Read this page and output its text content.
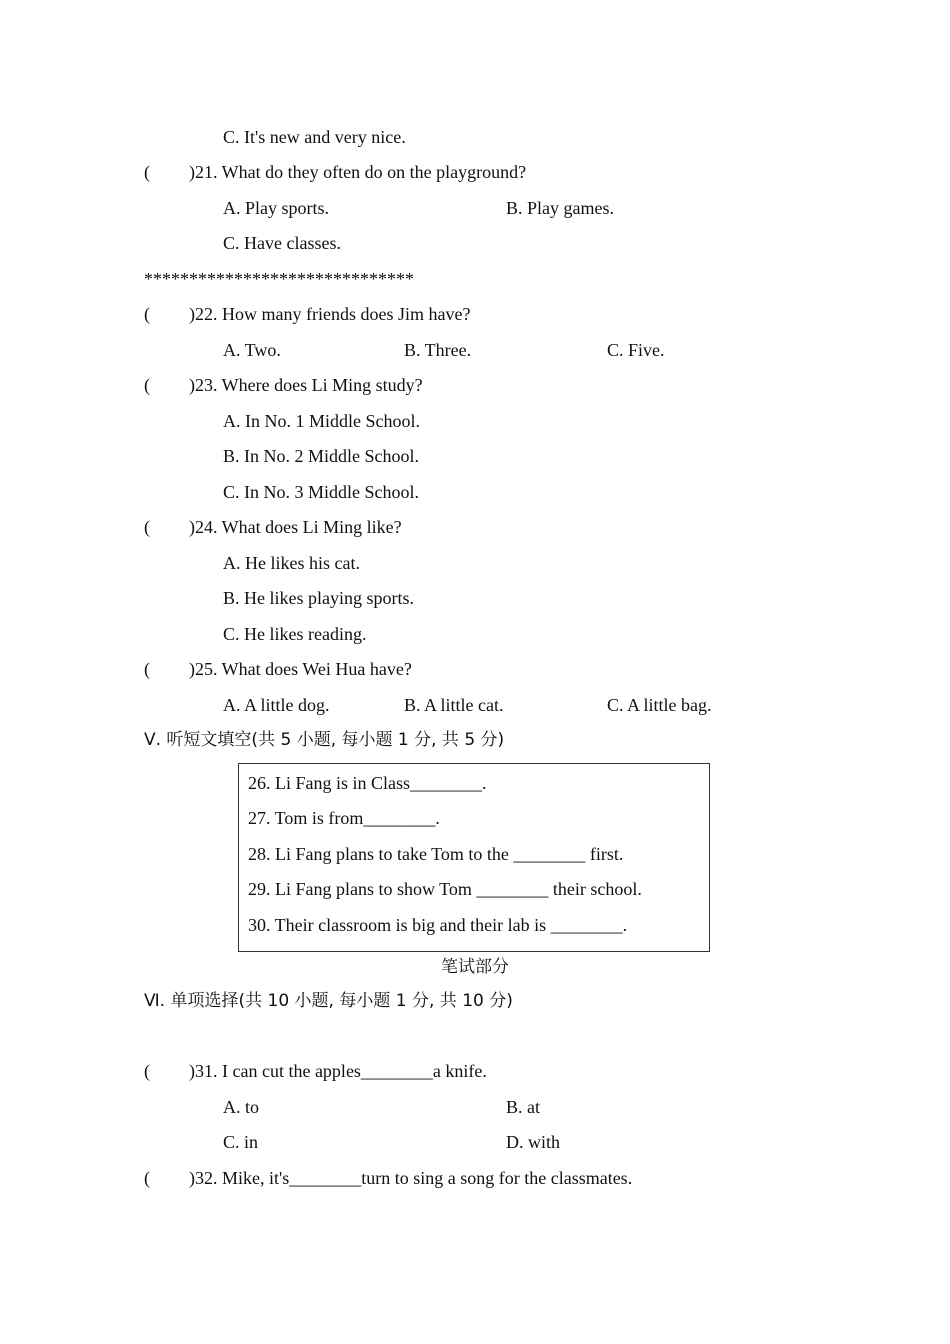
C. It's new and very nice.
( )21. What do they often do on the playground?
A. Play sports.	B. Play games.
C. Have classes.
******************************
( )22. How many friends does Jim have?
A. Two.	B. Three.	C. Five.
( )23. Where does Li Ming study?
A. In No. 1 Middle School.
B. In No. 2 Middle School.
C. In No. 3 Middle School.
( )24. What does Li Ming like?
A. He likes his cat.
B. He likes playing sports.
C. He likes reading.
( )25. What does Wei Hua have?
A. A little dog.	B. A little cat.	C. A little bag.
Ⅴ. 听短文填空(共 5 小题, 每小题 1 分, 共 5 分)
26. Li Fang is in Class________.
27. Tom is from________.
28. Li Fang plans to take Tom to the ________ first.
29. Li Fang plans to show Tom ________ their school.
30. Their classroom is big and their lab is ________.
笔试部分
Ⅵ. 单项选择(共 10 小题, 每小题 1 分, 共 10 分)
( )31. I can cut the apples________a knife.
A. to	B. at
C. in	D. with
( )32. Mike, it's________turn to sing a song for the classmates.
